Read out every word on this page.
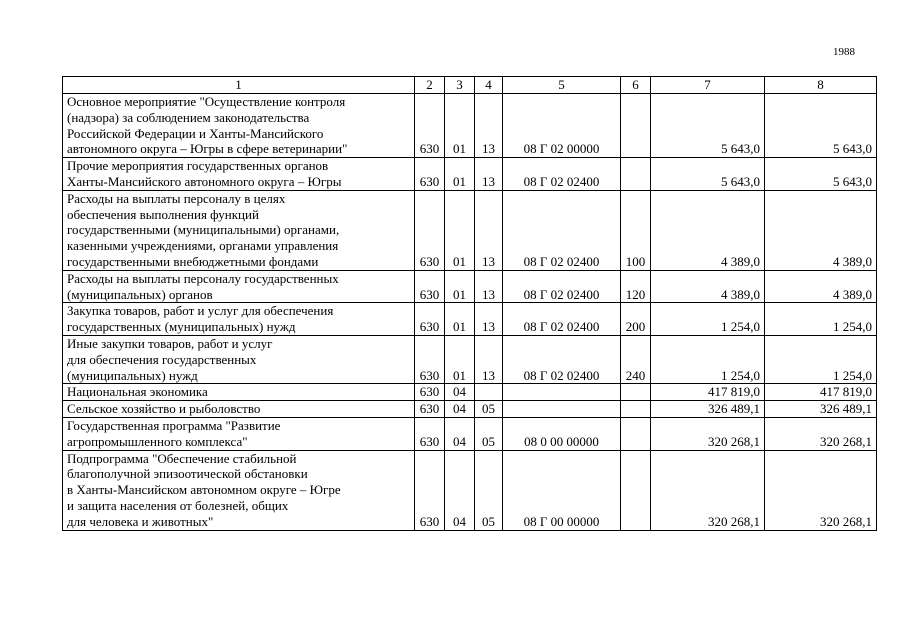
1988
1	2	3	4	5	6	7	8

Основное мероприятие "Осуществление контроля
(надзора) за соблюдением законодательства
Российской Федерации и Ханты-Мансийского
автономного округа – Югры в сфере ветеринарии"	630	01	13	08 Г 02 00000		5 643,0	5 643,0

Прочие мероприятия государственных органов
Ханты-Мансийского автономного округа – Югры	630	01	13	08 Г 02 02400		5 643,0	5 643,0

Расходы на выплаты персоналу в целях
обеспечения выполнения функций
государственными (муниципальными) органами,
казенными учреждениями, органами управления
государственными внебюджетными фондами	630	01	13	08 Г 02 02400	100	4 389,0	4 389,0

Расходы на выплаты персоналу государственных
(муниципальных) органов	630	01	13	08 Г 02 02400	120	4 389,0	4 389,0

Закупка товаров, работ и услуг для обеспечения
государственных (муниципальных) нужд	630	01	13	08 Г 02 02400	200	1 254,0	1 254,0

Иные закупки товаров, работ и услуг
для обеспечения государственных
(муниципальных) нужд	630	01	13	08 Г 02 02400	240	1 254,0	1 254,0

Национальная экономика	630	04				417 819,0	417 819,0

Сельское хозяйство и рыболовство	630	04	05			326 489,1	326 489,1

Государственная программа "Развитие
агропромышленного комплекса"	630	04	05	08 0 00 00000		320 268,1	320 268,1

Подпрограмма "Обеспечение стабильной
благополучной эпизоотической обстановки
в Ханты-Мансийском автономном округе – Югре
и защита населения от болезней, общих
для человека и животных"	630	04	05	08 Г 00 00000		320 268,1	320 268,1
